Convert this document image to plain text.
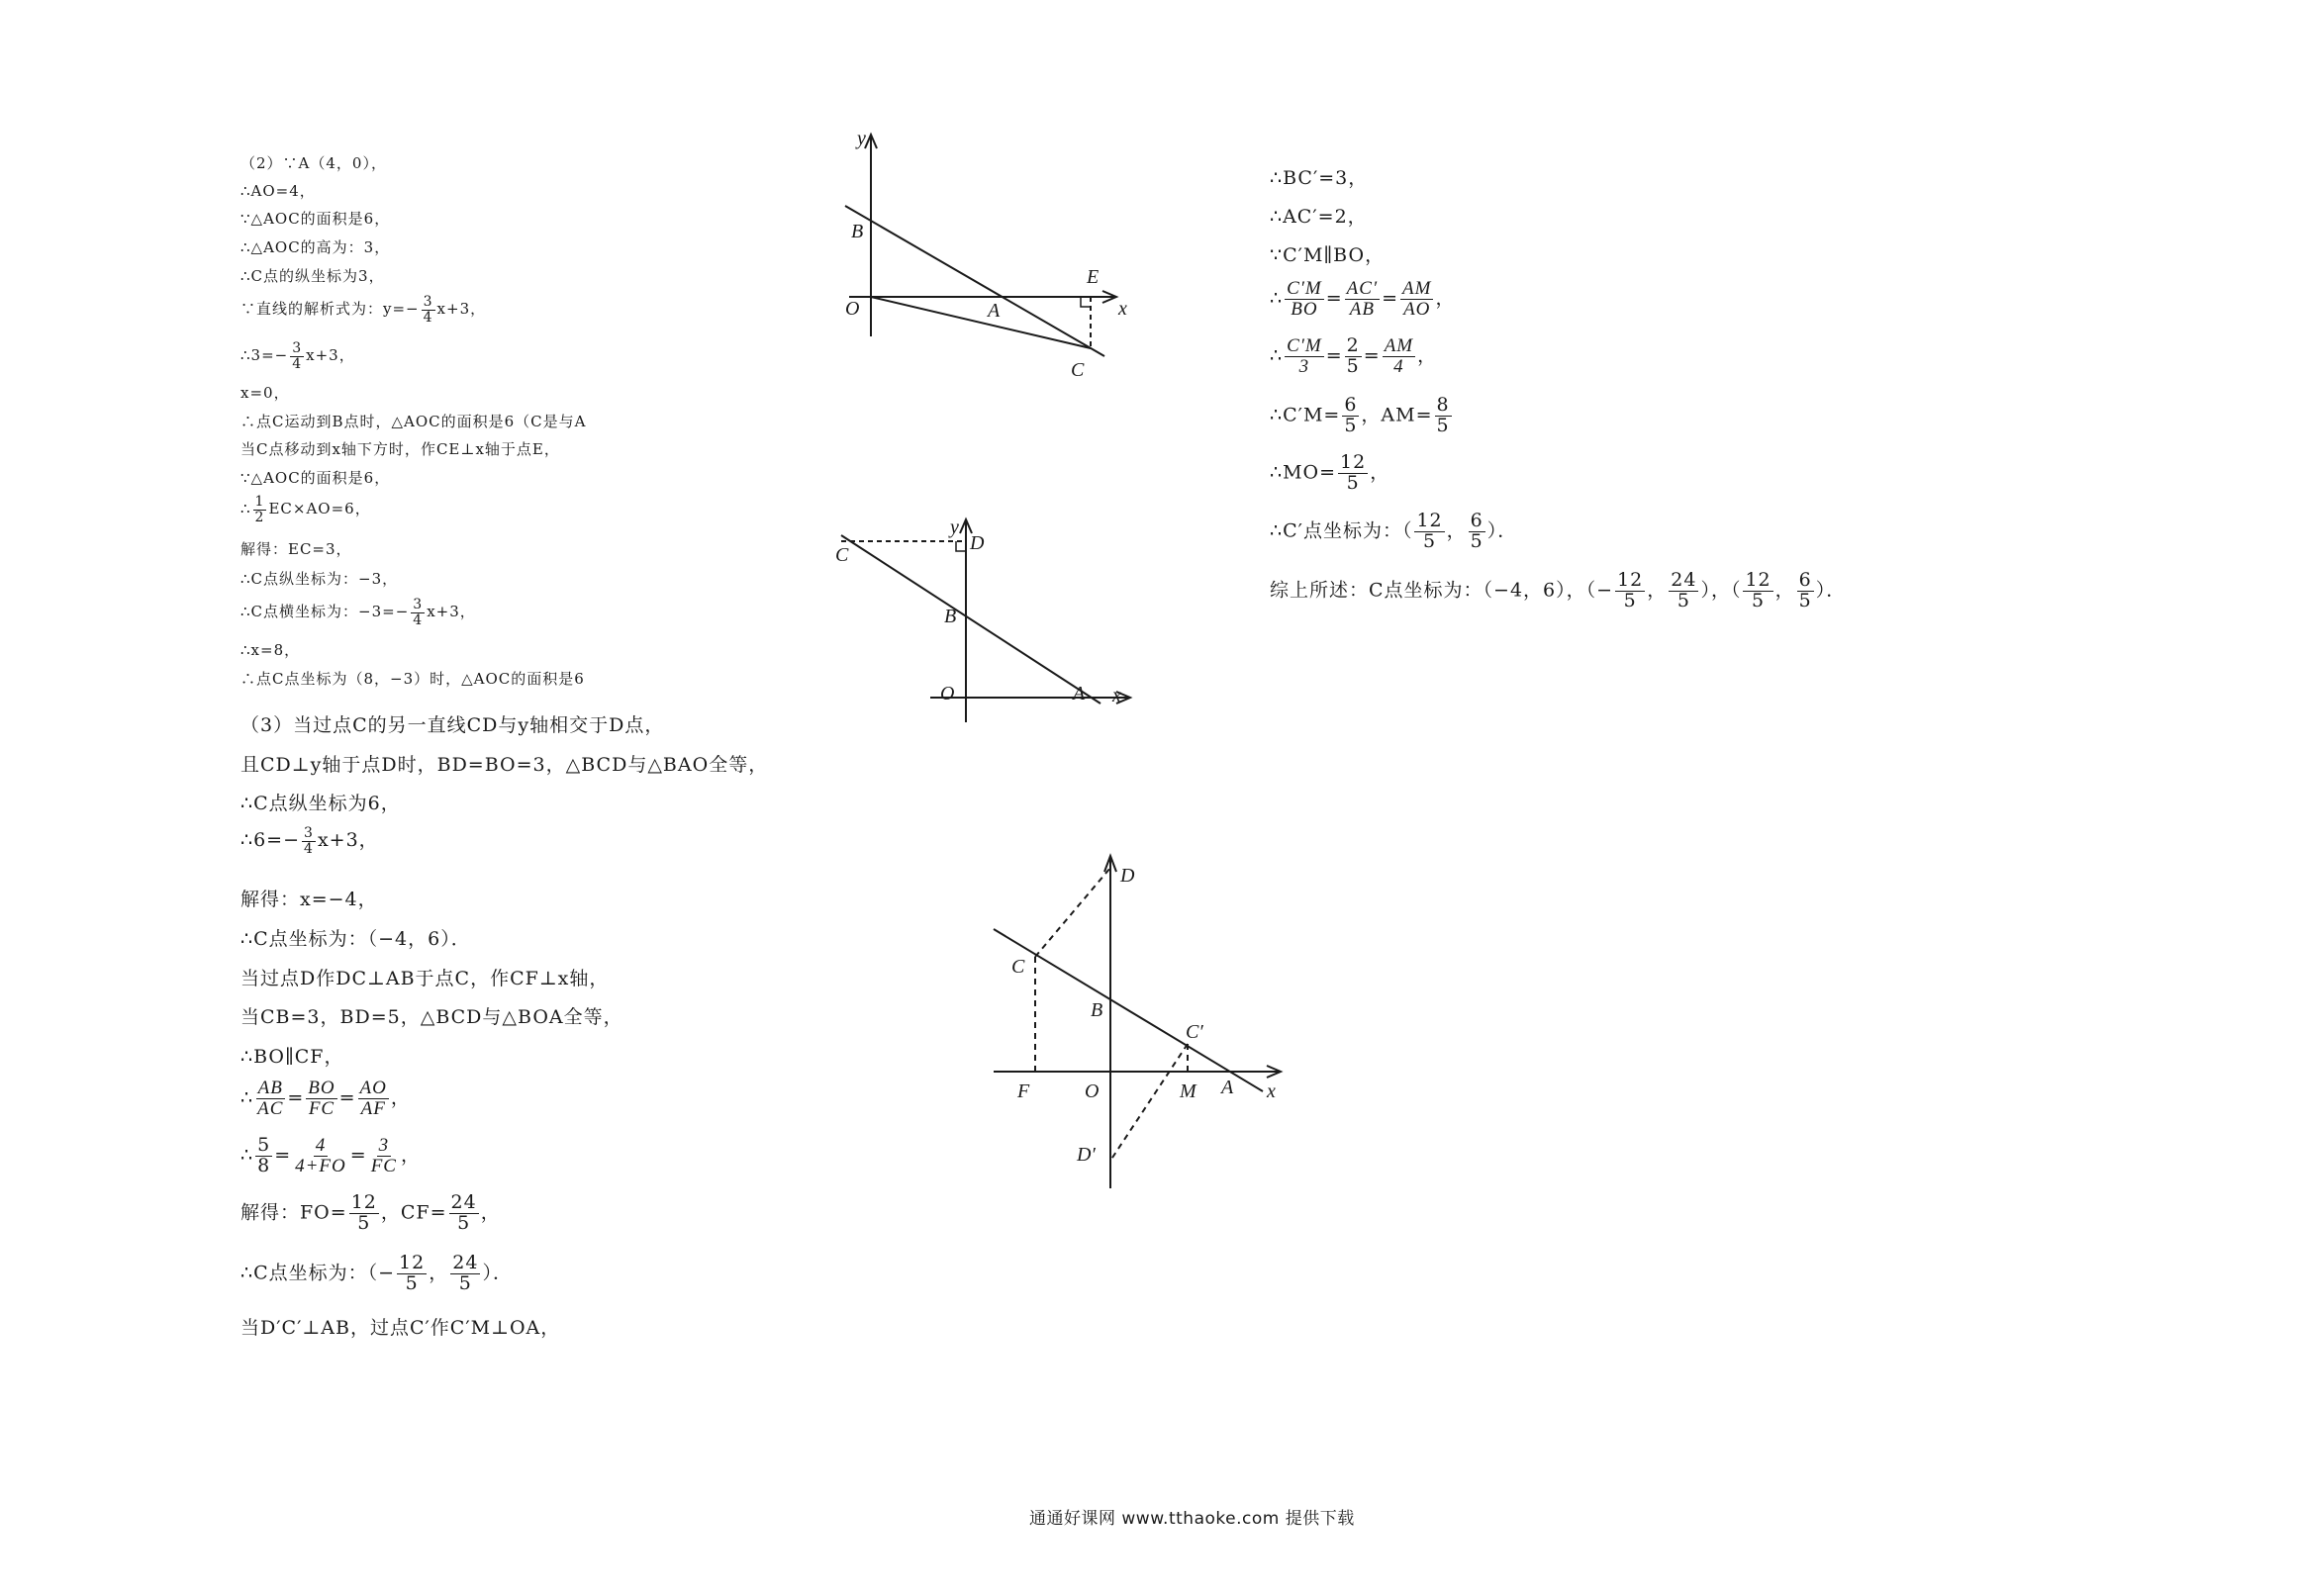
（2）∵A（4，0），
∴AO=4，
∵△AOC的面积是6，
∴△AOC的高为：3，
∴C点的纵坐标为3，
∵直线的解析式为：$y=- \frac{3}{4} x+3$，
∴3=− $\frac{3}{4} x+3$，
x=0，
∴点C运动到B点时，△AOC的面积是6（C是与A
当C点移动到x轴下方时，作CE⊥x轴于点E，
∵△AOC的面积是6，
∴ $\frac{1}{2} EC\times AO=6$，
解得：EC=3，
∴C点纵坐标为：−3，
∴C点横坐标为：$-3=- \frac{3}{4} x+3$，
∴x=8，
∴点C点坐标为（8，−3）时，△AOC的面积是6
（3）当过点C的另一直线CD与y轴相交于D点，
且CD⊥y轴于点D时，BD=BO=3，△BCD与△BAO全等，
∴C点纵坐标为6，
∴6=− $\frac{3}{4} x+3$，
解得：x=−4，
∴C点坐标为：（−4，6）．
当过点D作DC⊥AB于点C，作CF⊥x轴，
当CB=3，BD=5，△BCD与△BOA全等，
∴BO∥CF，
∴ $\frac{AB}{AC} = \frac{BO}{FC} = \frac{AO}{AF}$ ，
∴ $\frac{5}{8} = \frac{4}{4+FO} = \frac{3}{FC}$ ，
解得：$FO= \frac{12}{5}$ ，$CF= \frac{24}{5}$ ，
∴C点坐标为：（− $\frac{12}{5}$ ， $\frac{24}{5}$ ）．
当D′C′⊥AB，过点C′作C′M⊥OA，
∴BC′=3，
∴AC′=2，
∵C′M∥BO，
∴ $\frac{C'M}{BO} = \frac{AC'}{AB} = \frac{AM}{AO}$ ，
∴ $\frac{C'M}{3} = \frac{2}{5} = \frac{AM}{4}$ ，
∴C′M= $\frac{6}{5}$ ，$AM= \frac{8}{5}$
∴MO= $\frac{12}{5}$ ，
∴C′点坐标为：（ $\frac{12}{5}$ ， $\frac{6}{5}$ ）．
综上所述：C点坐标为：（−4，6），（− $\frac{12}{5}$ ， $\frac{24}{5}$ ），（ $\frac{12}{5}$ ， $\frac{6}{5}$ ）．
y
x
B
O	A
E
C
y
D
C
B
O	A x
D
C
B
C′
F	O	M A x
D′
通通好课网 www.tthaoke.com 提供下载
